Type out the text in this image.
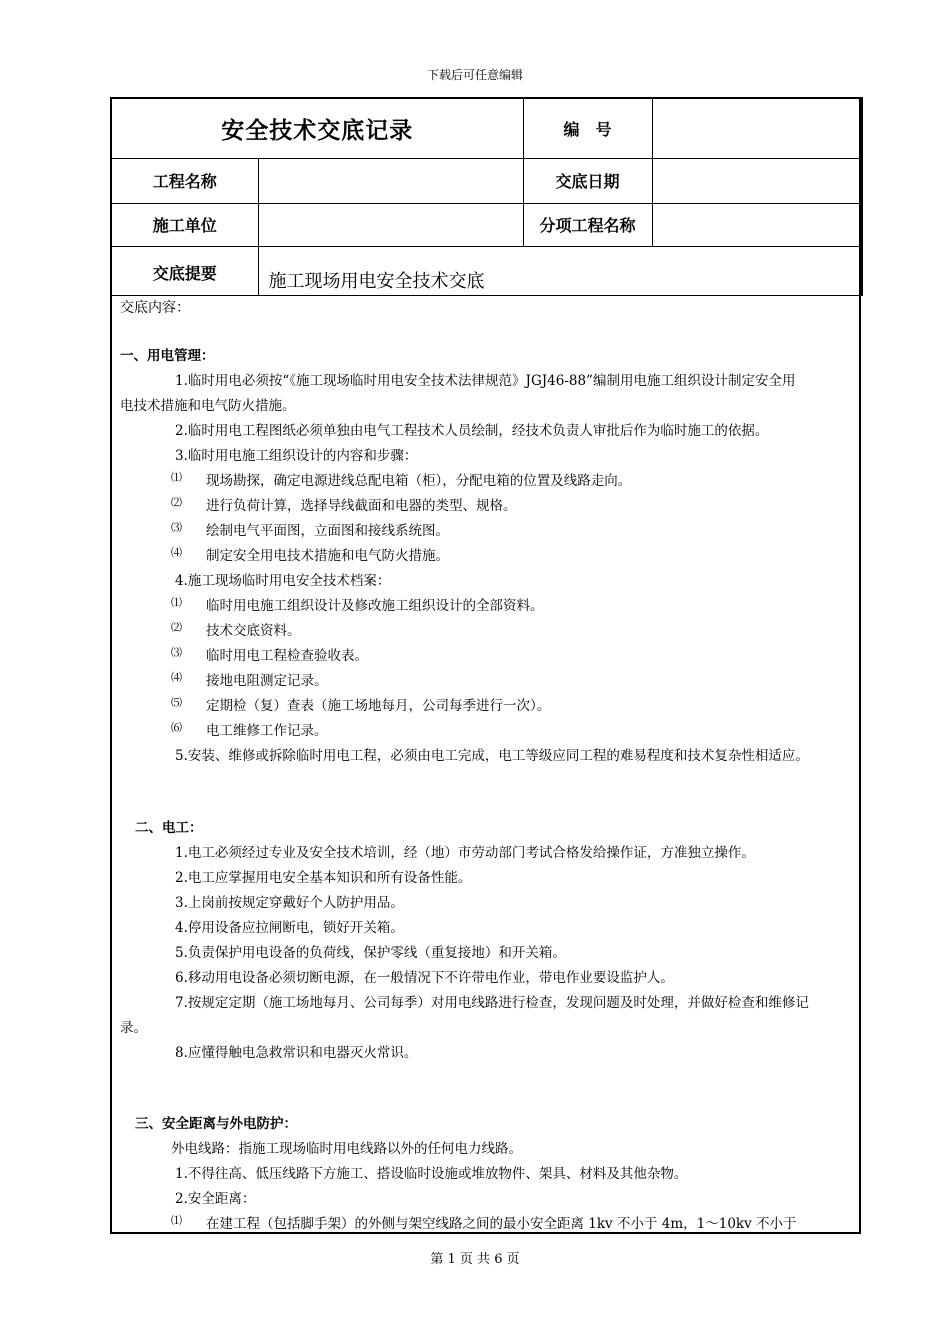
下载后可任意编辑
安全技术交底记录		编　号	
工程名称		交底日期	
施工单位		分项工程名称	
交底提要	施工现场用电安全技术交底		
交底内容：
一、用电管理：
1.临时用电必须按“《施工现场临时用电安全技术法律规范》JGJ46-88”编制用电施工组织设计制定安全用
电技术措施和电气防火措施。
2.临时用电工程图纸必须单独由电气工程技术人员绘制，经技术负责人审批后作为临时施工的依据。
3.临时用电施工组织设计的内容和步骤：
⑴ 现场勘探，确定电源进线总配电箱（柜），分配电箱的位置及线路走向。
⑵ 进行负荷计算，选择导线截面和电器的类型、规格。
⑶ 绘制电气平面图，立面图和接线系统图。
⑷ 制定安全用电技术措施和电气防火措施。
4.施工现场临时用电安全技术档案：
⑴ 临时用电施工组织设计及修改施工组织设计的全部资料。
⑵ 技术交底资料。
⑶ 临时用电工程检查验收表。
⑷ 接地电阻测定记录。
⑸ 定期检（复）查表（施工场地每月，公司每季进行一次）。
⑹ 电工维修工作记录。
5.安装、维修或拆除临时用电工程，必须由电工完成，电工等级应同工程的难易程度和技术复杂性相适应。
二、电工：
1.电工必须经过专业及安全技术培训，经（地）市劳动部门考试合格发给操作证，方准独立操作。
2.电工应掌握用电安全基本知识和所有设备性能。
3.上岗前按规定穿戴好个人防护用品。
4.停用设备应拉闸断电，锁好开关箱。
5.负责保护用电设备的负荷线，保护零线（重复接地）和开关箱。
6.移动用电设备必须切断电源，在一般情况下不许带电作业，带电作业要设监护人。
7.按规定定期（施工场地每月、公司每季）对用电线路进行检查，发现问题及时处理，并做好检查和维修记
录。
8.应懂得触电急救常识和电器灭火常识。
三、安全距离与外电防护：
外电线路：指施工现场临时用电线路以外的任何电力线路。
1.不得往高、低压线路下方施工、搭设临时设施或堆放物件、架具、材料及其他杂物。
2.安全距离：
⑴ 在建工程（包括脚手架）的外侧与架空线路之间的最小安全距离 1kv 不小于 4m，1～10kv 不小于
第 1 页 共 6 页
